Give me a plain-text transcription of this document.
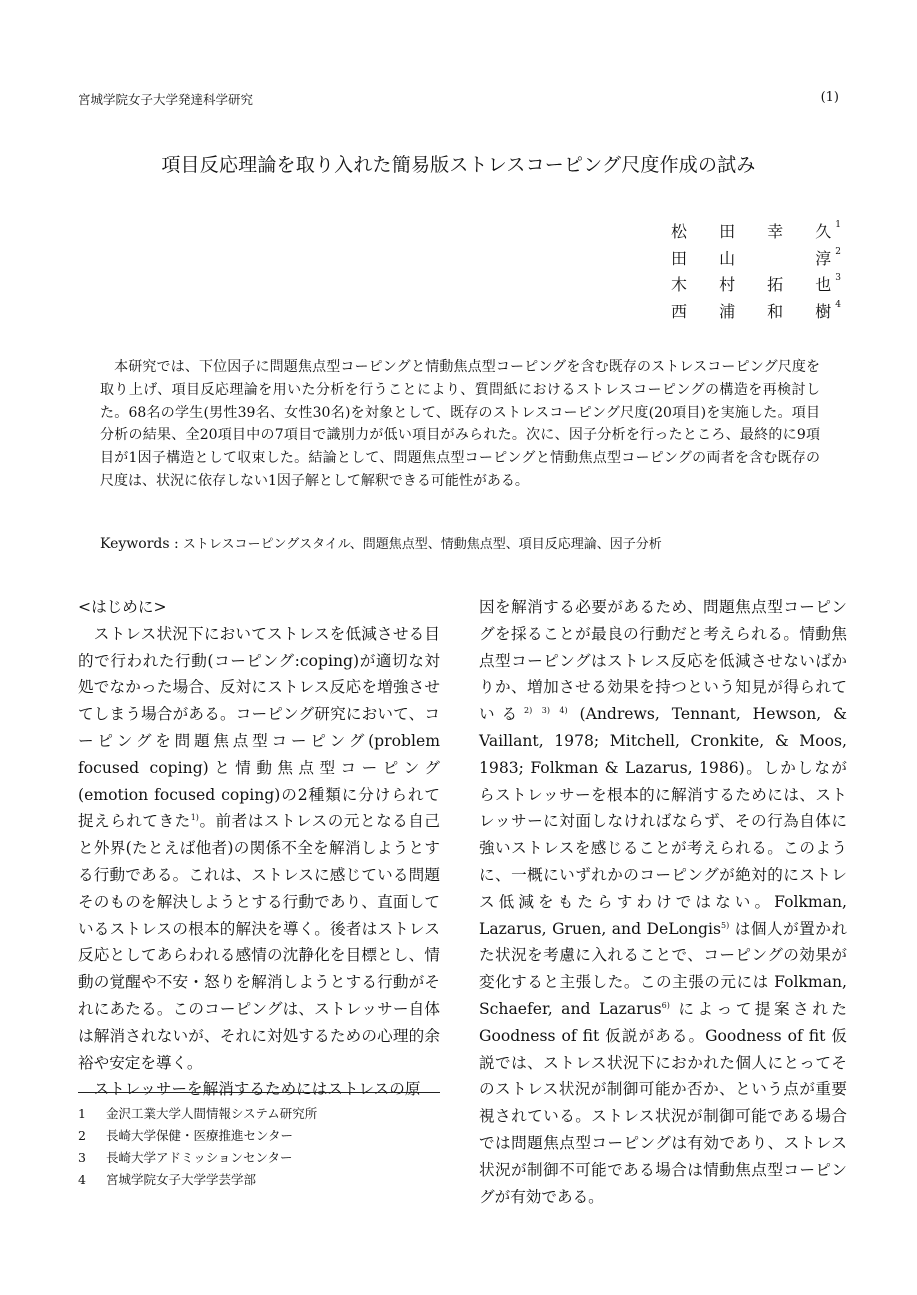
宮城学院女子大学発達科学研究	(1)
項目反応理論を取り入れた簡易版ストレスコーピング尺度作成の試み
松 田 幸 久 $^1$
田 山	淳 $^2$
木 村 拓 也 $^3$
西 浦 和 樹 $^4$
本研究では、下位因子に問題焦点型コーピングと情動焦点型コーピングを含む既存のストレスコーピング尺度を取り上げ、項目反応理論を用いた分析を行うことにより、質問紙におけるストレスコーピングの構造を再検討した。68名の学生(男性39名、女性30名)を対象として、既存のストレスコーピング尺度(20項目)を実施した。項目分析の結果、全20項目中の7項目で識別力が低い項目がみられた。次に、因子分析を行ったところ、最終的に9項目が1因子構造として収束した。結論として、問題焦点型コーピングと情動焦点型コーピングの両者を含む既存の尺度は、状況に依存しない1因子解として解釈できる可能性がある。
Keywords : ストレスコーピングスタイル、問題焦点型、情動焦点型、項目反応理論、因子分析
<はじめに>
ストレス状況下においてストレスを低減させる目的で行われた行動(コーピング:coping)が適切な対処でなかった場合、反対にストレス反応を増強させてしまう場合がある。コーピング研究において、コーピングを問題焦点型コーピング(problem focused coping)と情動焦点型コーピング(emotion focused coping)の2種類に分けられて捉えられてきた$^{1)}$。前者はストレスの元となる自己と外界(たとえば他者)の関係不全を解消しようとする行動である。これは、ストレスに感じている問題そのものを解決しようとする行動であり、直面しているストレスの根本的解決を導く。後者はストレス反応としてあらわれる感情の沈静化を目標とし、情動の覚醒や不安・怒りを解消しようとする行動がそれにあたる。このコーピングは、ストレッサー自体は解消されないが、それに対処するための心理的余裕や安定を導く。
ストレッサーを解消するためにはストレスの原
因を解消する必要があるため、問題焦点型コーピングを採ることが最良の行動だと考えられる。情動焦点型コーピングはストレス反応を低減させないばかりか、増加させる効果を持つという知見が得られている$^{2) 3) 4)}$ (Andrews, Tennant, Hewson, & Vaillant, 1978; Mitchell, Cronkite, & Moos, 1983; Folkman & Lazarus, 1986)。しかしながらストレッサーを根本的に解消するためには、ストレッサーに対面しなければならず、その行為自体に強いストレスを感じることが考えられる。このように、一概にいずれかのコーピングが絶対的にストレス低減をもたらすわけではない。Folkman, Lazarus, Gruen, and DeLongis$^{5)}$ は個人が置かれた状況を考慮に入れることで、コーピングの効果が変化すると主張した。この主張の元には Folkman, Schaefer, and Lazarus$^{6)}$ によって提案された Goodness of fit 仮説がある。Goodness of fit 仮説では、ストレス状況下におかれた個人にとってそのストレス状況が制御可能か否か、という点が重要視されている。ストレス状況が制御可能である場合では問題焦点型コーピングは有効であり、ストレス状況が制御不可能である場合は情動焦点型コーピングが有効である。
1	金沢工業大学人間情報システム研究所
2	長崎大学保健・医療推進センター
3	長崎大学アドミッションセンター
4	宮城学院女子大学学芸学部
